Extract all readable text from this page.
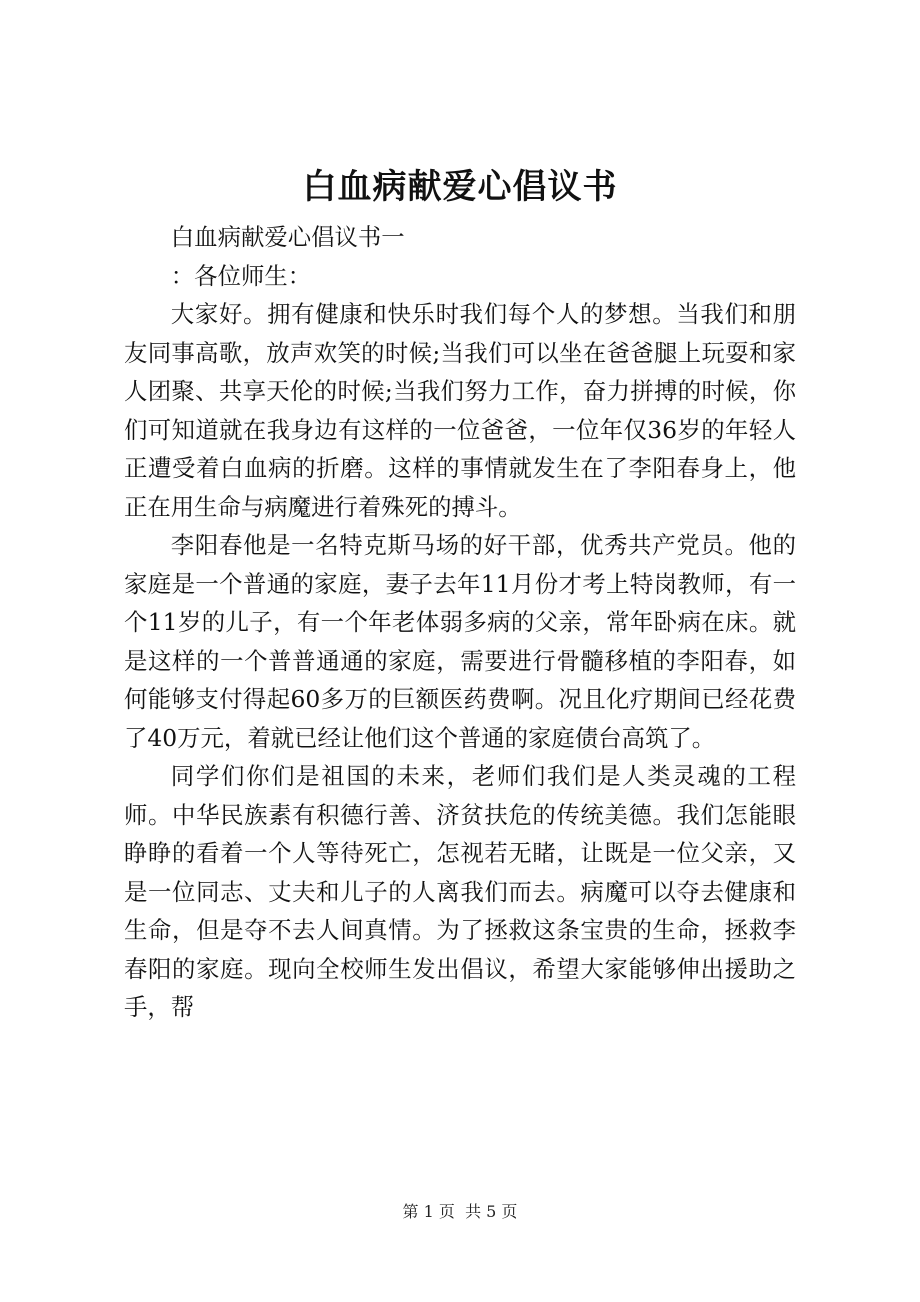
白血病献爱心倡议书

白血病献爱心倡议书一

：各位师生：

大家好。拥有健康和快乐时我们每个人的梦想。当我们和朋友同事高歌，放声欢笑的时候;当我们可以坐在爸爸腿上玩耍和家人团聚、共享天伦的时候;当我们努力工作，奋力拼搏的时候，你们可知道就在我身边有这样的一位爸爸，一位年仅36岁的年轻人正遭受着白血病的折磨。这样的事情就发生在了李阳春身上，他正在用生命与病魔进行着殊死的搏斗。

李阳春他是一名特克斯马场的好干部，优秀共产党员。他的家庭是一个普通的家庭，妻子去年11月份才考上特岗教师，有一个11岁的儿子，有一个年老体弱多病的父亲，常年卧病在床。就是这样的一个普普通通的家庭，需要进行骨髓移植的李阳春，如何能够支付得起60多万的巨额医药费啊。况且化疗期间已经花费了40万元，着就已经让他们这个普通的家庭债台高筑了。

同学们你们是祖国的未来，老师们我们是人类灵魂的工程师。中华民族素有积德行善、济贫扶危的传统美德。我们怎能眼睁睁的看着一个人等待死亡，怎视若无睹，让既是一位父亲，又是一位同志、丈夫和儿子的人离我们而去。病魔可以夺去健康和生命，但是夺不去人间真情。为了拯救这条宝贵的生命，拯救李春阳的家庭。现向全校师生发出倡议，希望大家能够伸出援助之手，帮

第 1 页  共 5 页
